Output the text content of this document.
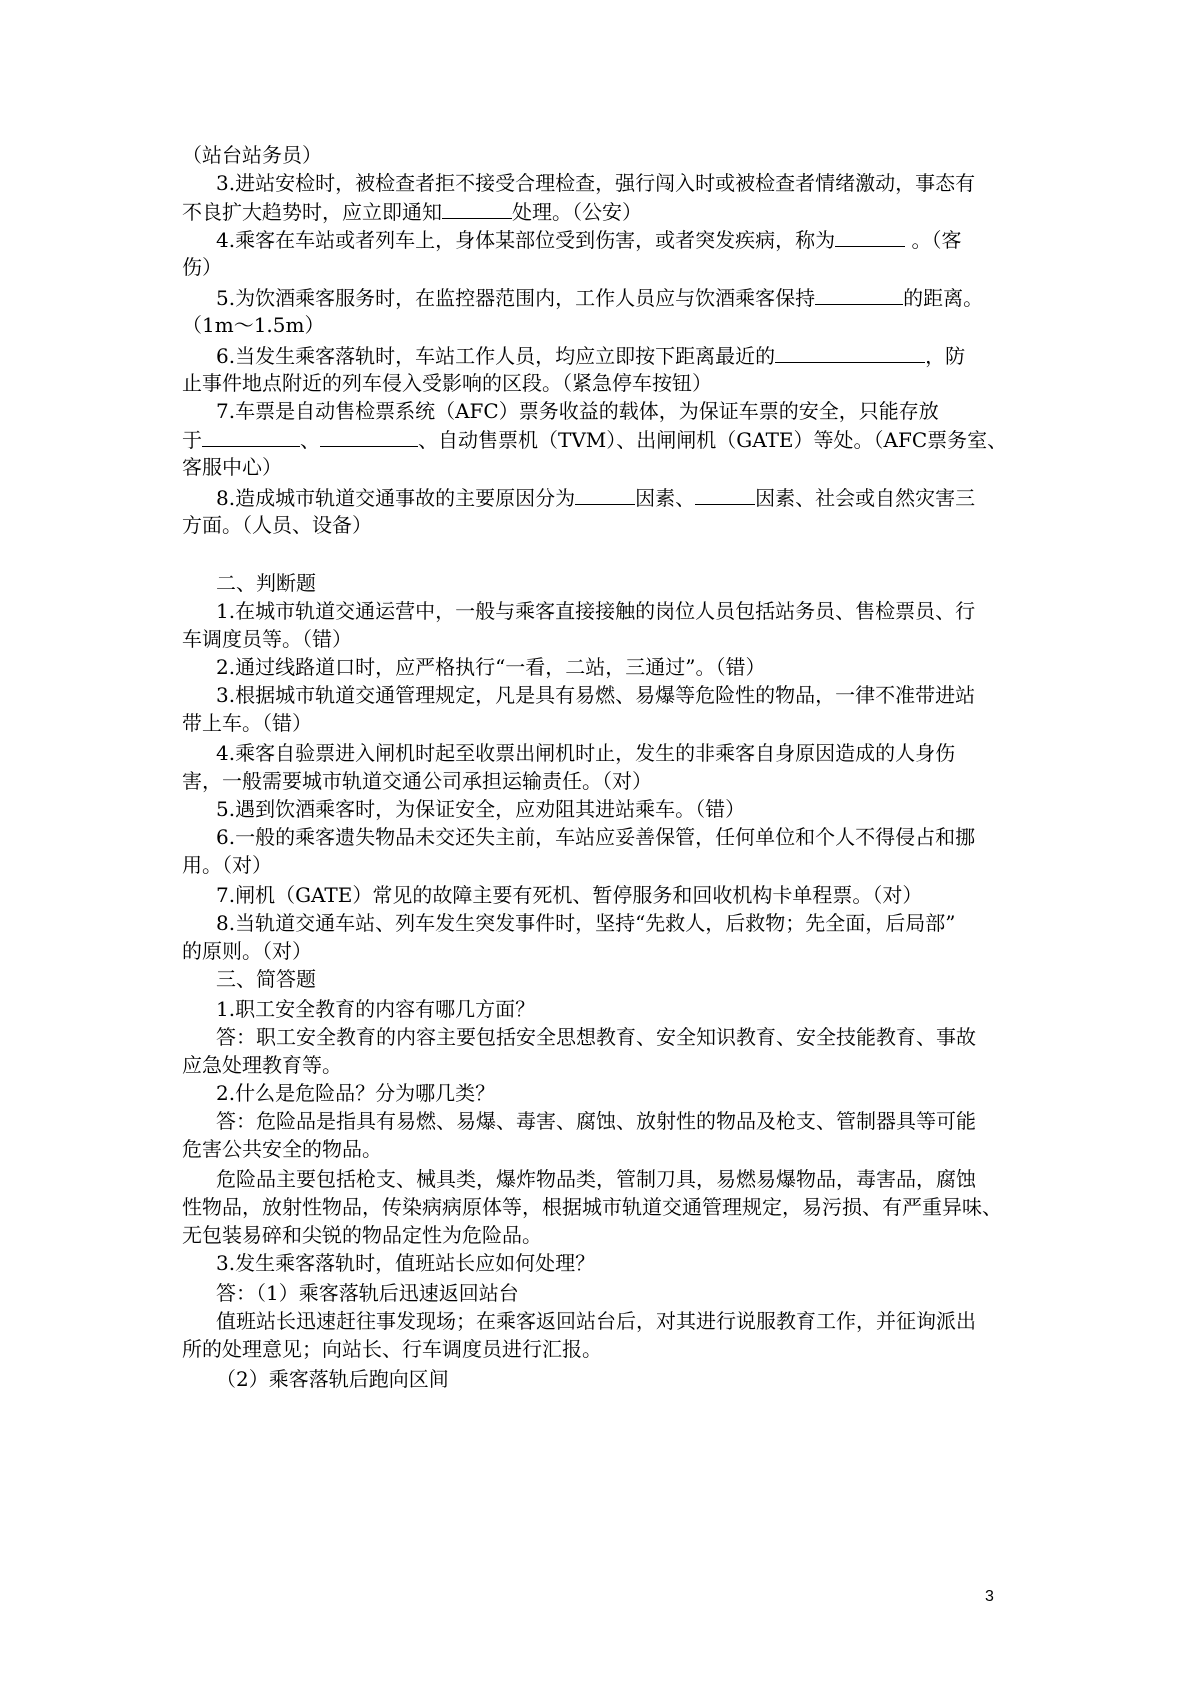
（站台站务员）
3.进站安检时，被检查者拒不接受合理检查，强行闯入时或被检查者情绪激动，事态有
不良扩大趋势时，应立即通知	处理。（公安）
4.乘客在车站或者列车上，身体某部位受到伤害，或者突发疾病，称为	。（客
伤）
5.为饮酒乘客服务时，在监控器范围内，工作人员应与饮酒乘客保持	的距离。
（1m～1.5m）
6.当发生乘客落轨时，车站工作人员，均应立即按下距离最近的	，防
止事件地点附近的列车侵入受影响的区段。（紧急停车按钮）
7.车票是自动售检票系统（AFC）票务收益的载体，为保证车票的安全，只能存放
于	、	、自动售票机（TVM）、出闸闸机（GATE）等处。（AFC票务室、
客服中心）
8.造成城市轨道交通事故的主要原因分为	因素、	因素、社会或自然灾害三
方面。（人员、设备）
二、判断题
1.在城市轨道交通运营中，一般与乘客直接接触的岗位人员包括站务员、售检票员、行
车调度员等。（错）
2.通过线路道口时，应严格执行“一看，二站，三通过”。（错）
3.根据城市轨道交通管理规定，凡是具有易燃、易爆等危险性的物品，一律不准带进站
带上车。（错）
4.乘客自验票进入闸机时起至收票出闸机时止，发生的非乘客自身原因造成的人身伤
害，一般需要城市轨道交通公司承担运输责任。（对）
5.遇到饮酒乘客时，为保证安全，应劝阻其进站乘车。（错）
6.一般的乘客遗失物品未交还失主前，车站应妥善保管，任何单位和个人不得侵占和挪
用。（对）
7.闸机（GATE）常见的故障主要有死机、暂停服务和回收机构卡单程票。（对）
8.当轨道交通车站、列车发生突发事件时，坚持“先救人，后救物；先全面，后局部”
的原则。（对）
三、简答题
1.职工安全教育的内容有哪几方面？
答：职工安全教育的内容主要包括安全思想教育、安全知识教育、安全技能教育、事故
应急处理教育等。
2.什么是危险品？分为哪几类？
答：危险品是指具有易燃、易爆、毒害、腐蚀、放射性的物品及枪支、管制器具等可能
危害公共安全的物品。
危险品主要包括枪支、械具类，爆炸物品类，管制刀具，易燃易爆物品，毒害品，腐蚀
性物品，放射性物品，传染病病原体等，根据城市轨道交通管理规定，易污损、有严重异味、
无包装易碎和尖锐的物品定性为危险品。
3.发生乘客落轨时，值班站长应如何处理？
答：（1）乘客落轨后迅速返回站台
值班站长迅速赶往事发现场；在乘客返回站台后，对其进行说服教育工作，并征询派出
所的处理意见；向站长、行车调度员进行汇报。
（2）乘客落轨后跑向区间
3
